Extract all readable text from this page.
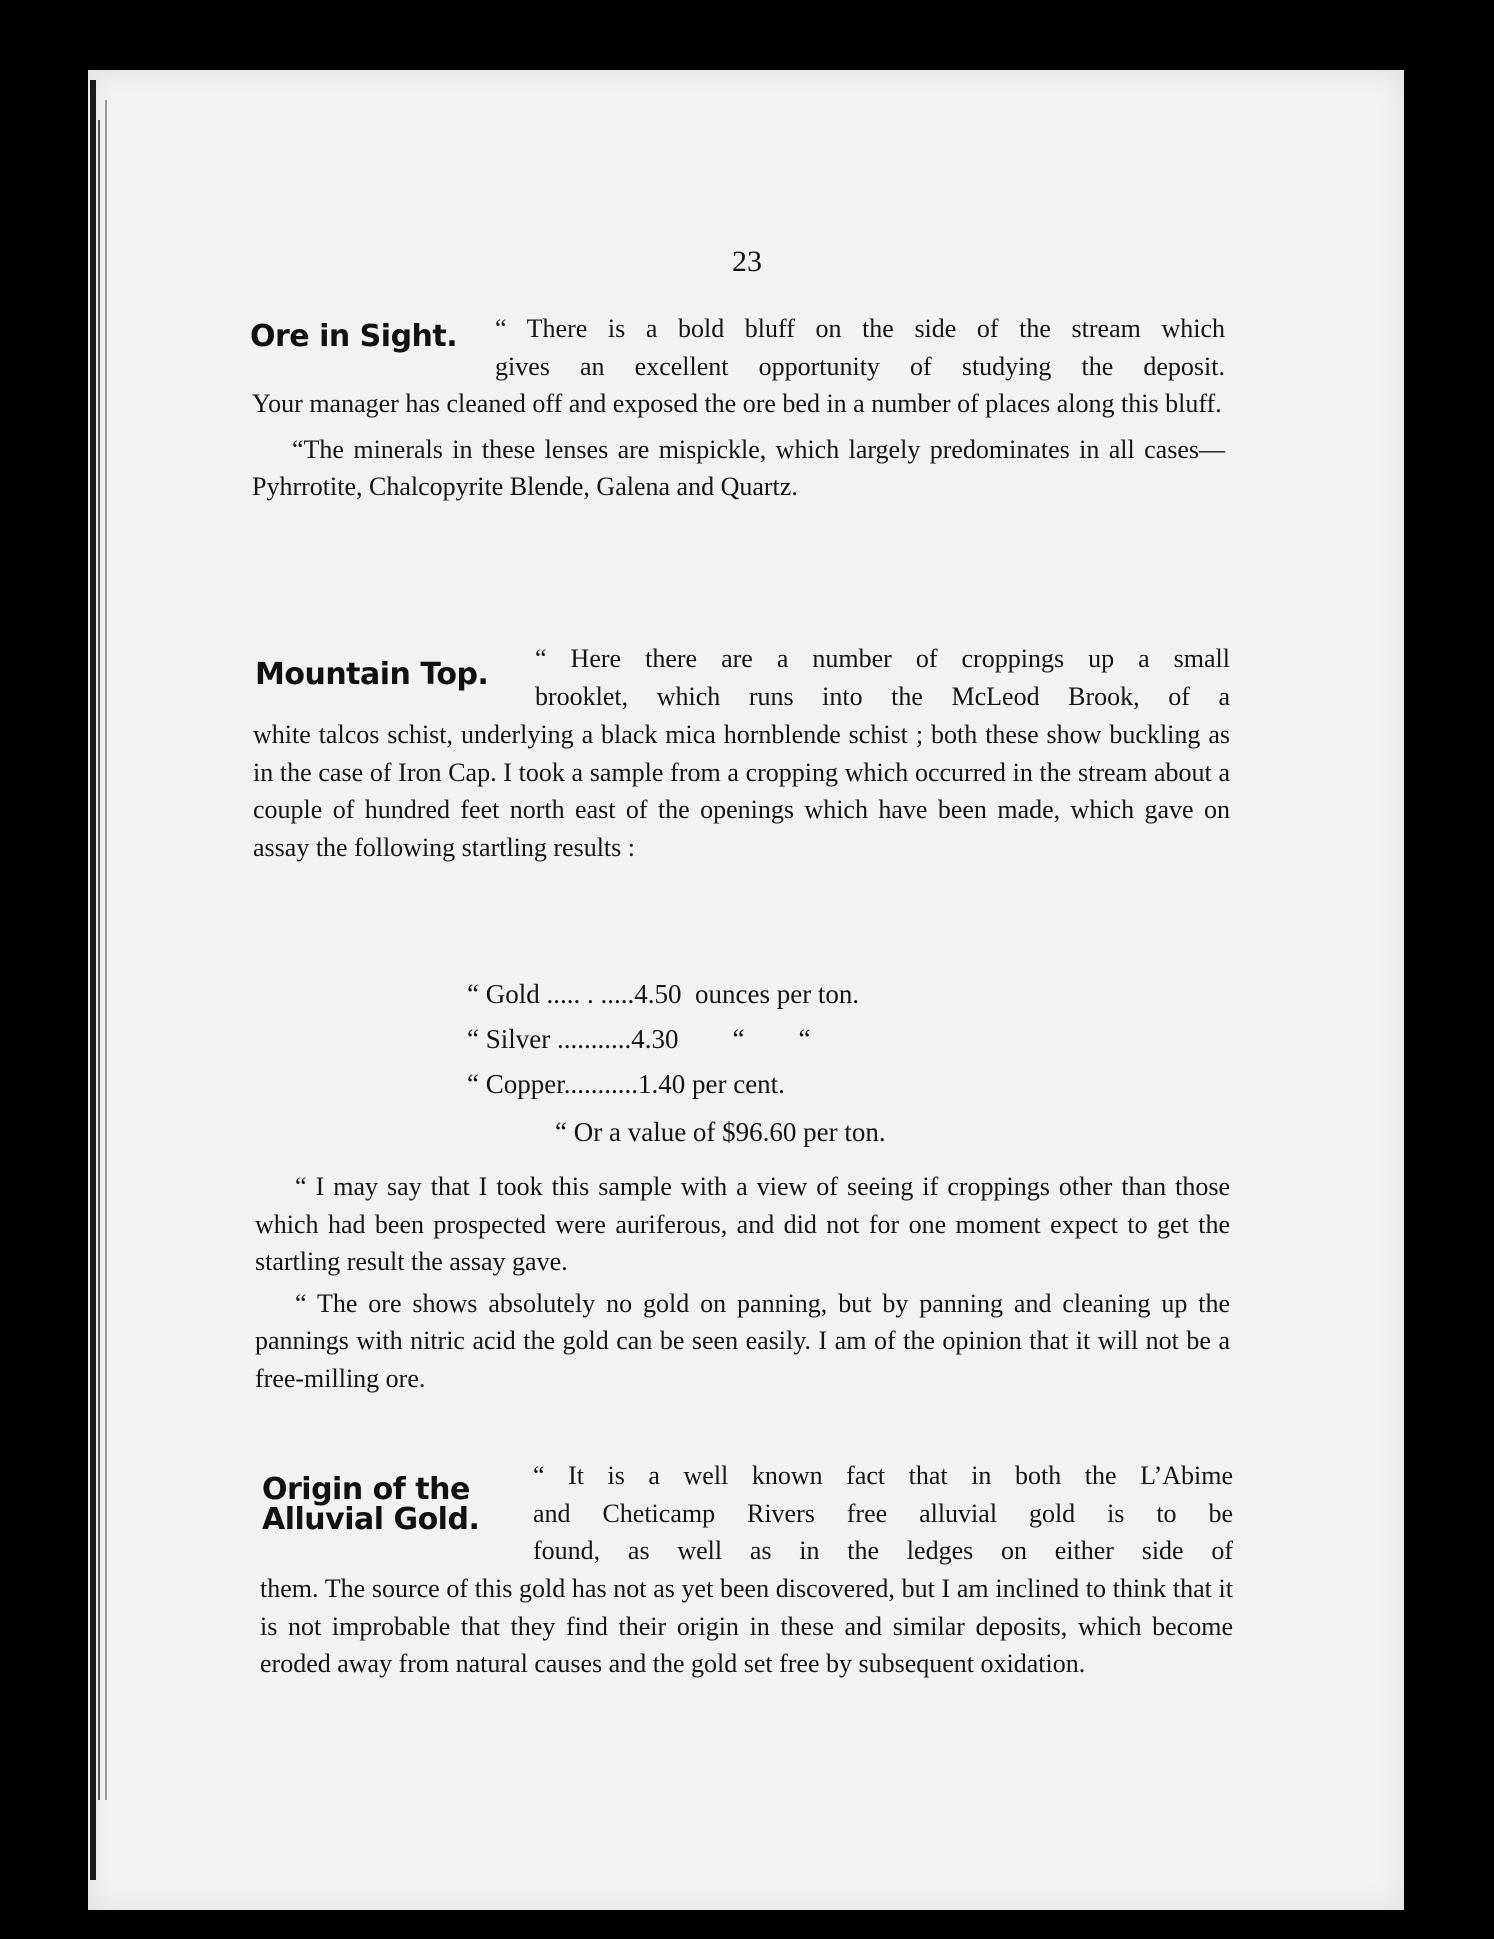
23
Ore in Sight. “ There is a bold bluff on the side of the stream which
gives an excellent opportunity of studying the deposit.

Your manager has cleaned off and exposed the ore bed in a number of places along this bluff.

“The minerals in these lenses are mispickle, which largely predominates in all cases—Pyhrrotite, Chalcopyrite Blende, Galena and Quartz.

Mountain Top. “ Here there are a number of croppings up a small
brooklet, which runs into the McLeod Brook, of a

white talcos schist, underlying a black mica hornblende schist ; both these show buckling as in the case of Iron Cap. I took a sample from a cropping which occurred in the stream about a couple of hundred feet north east of the openings which have been made, which gave on assay the following startling results :

“ Gold ..... . .....4.50 ounces per ton.

“ Silver ...........4.30 “        “

“ Copper...........1.40 per cent.

“ Or a value of $96.60 per ton.

“ I may say that I took this sample with a view of seeing if croppings other than those which had been prospected were auriferous, and did not for one moment expect to get the startling result the assay gave.

“ The ore shows absolutely no gold on panning, but by panning and cleaning up the pannings with nitric acid the gold can be seen easily. I am of the opinion that it will not be a free-milling ore.

Origin of the
Alluvial Gold.
“ It is a well known fact that in both the L’Abime
and Cheticamp Rivers free alluvial gold is to be
found, as well as in the ledges on either side of

them. The source of this gold has not as yet been discovered, but I am inclined to think that it is not improbable that they find their origin in these and similar deposits, which become eroded away from natural causes and the gold set free by subsequent oxidation.
